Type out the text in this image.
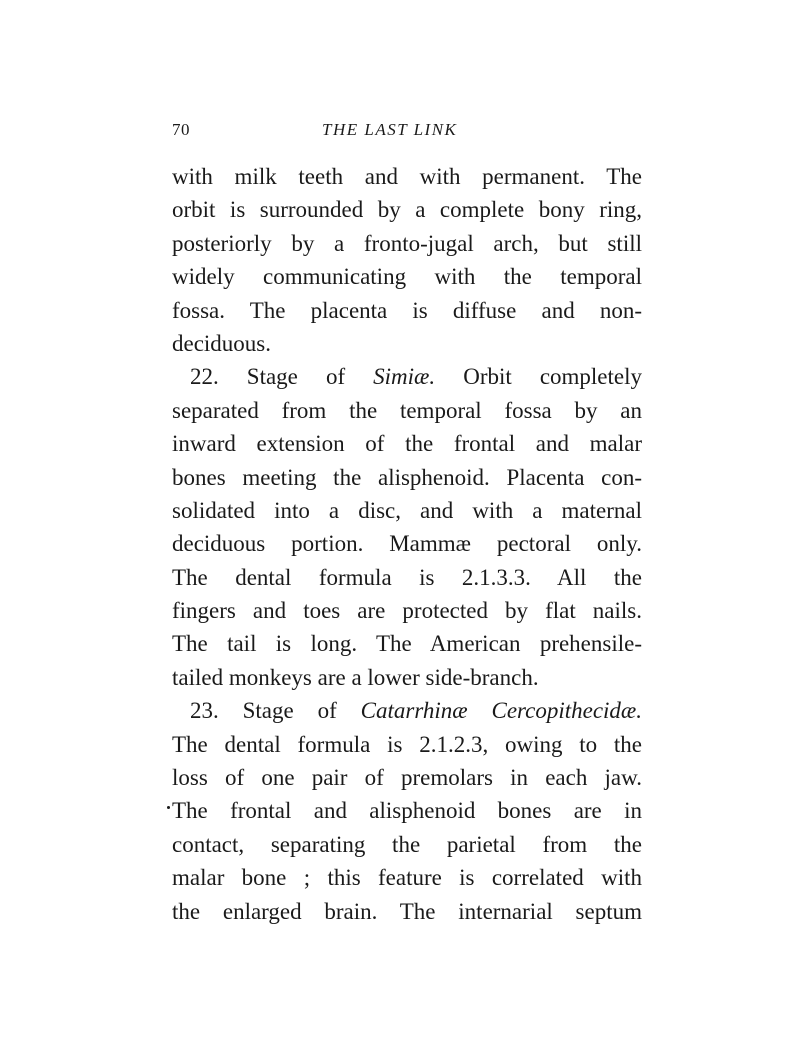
70	THE LAST LINK
with milk teeth and with permanent. The
orbit is surrounded by a complete bony ring,
posteriorly by a fronto-jugal arch, but still
widely communicating with the temporal
fossa. The placenta is diffuse and non-
deciduous.
22. Stage of Simiæ. Orbit completely
separated from the temporal fossa by an
inward extension of the frontal and malar
bones meeting the alisphenoid. Placenta con-
solidated into a disc, and with a maternal
deciduous portion. Mammæ pectoral only.
The dental formula is 2.1.3.3. All the
fingers and toes are protected by flat nails.
The tail is long. The American prehensile-
tailed monkeys are a lower side-branch.
23. Stage of Catarrhinæ Cercopithecidæ.
The dental formula is 2.1.2.3, owing to the
loss of one pair of premolars in each jaw.
The frontal and alisphenoid bones are in
contact, separating the parietal from the
malar bone ; this feature is correlated with
the enlarged brain. The internarial septum
